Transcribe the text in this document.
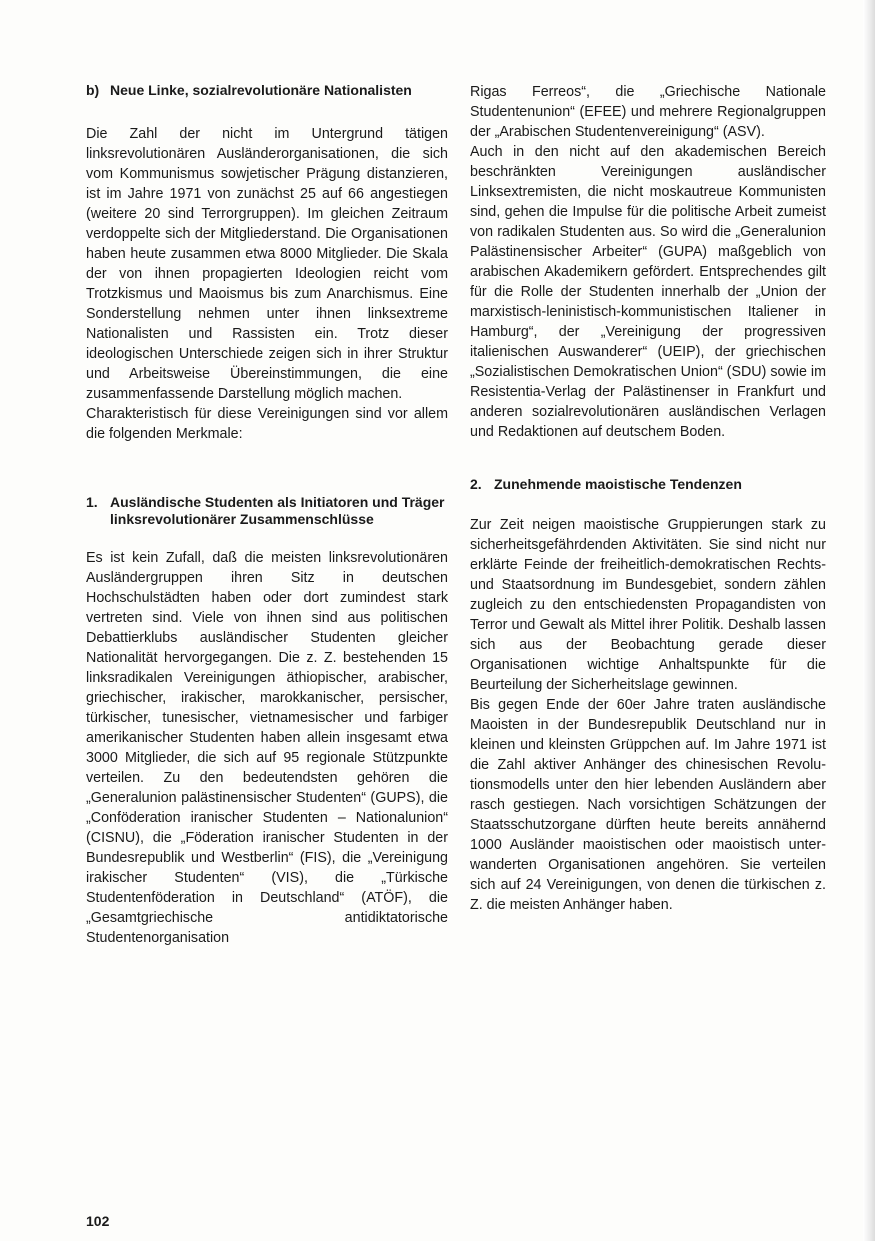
b) Neue Linke, sozialrevolutionäre Nationalisten

Die Zahl der nicht im Untergrund tätigen linksrevolutionären Ausländerorganisationen, die sich vom Kommunismus sowjetischer Prägung distanzieren, ist im Jahre 1971 von zunächst 25 auf 66 angestiegen (weitere 20 sind Terrorgruppen). Im gleichen Zeitraum verdoppelte sich der Mitgliederstand. Die Organisationen haben heute zusammen etwa 8000 Mitglieder. Die Skala der von ihnen propagierten Ideologien reicht vom Trotzkismus und Maoismus bis zum Anarchismus. Eine Sonderstellung nehmen unter ihnen linksextreme Nationalisten und Rassisten ein. Trotz dieser ideologischen Unterschiede zeigen sich in ihrer Struktur und Arbeitsweise Übereinstimmungen, die eine zusammenfassende Darstellung möglich machen.

Charakteristisch für diese Vereinigungen sind vor allem die folgenden Merkmale:

1. Ausländische Studenten als Initiatoren und Träger linksrevolutionärer Zusammenschlüsse

Es ist kein Zufall, daß die meisten linksrevolutionären Ausländergruppen ihren Sitz in deutschen Hochschulstädten haben oder dort zumindest stark vertreten sind. Viele von ihnen sind aus politischen Debattierklubs ausländischer Studenten gleicher Nationalität hervorgegangen. Die z. Z. bestehenden 15 linksradikalen Vereinigungen äthiopischer, arabischer, griechischer, irakischer, marokkanischer, persischer, türkischer, tunesischer, vietnamesischer und farbiger amerikanischer Studenten haben allein insgesamt etwa 3000 Mitglieder, die sich auf 95 regionale Stützpunkte verteilen. Zu den bedeutendsten gehören die „Generalunion palästinensischer Studenten“ (GUPS), die „Conföderation iranischer Studenten – Nationalunion“ (CISNU), die „Föderation iranischer Studenten in der Bundesrepublik und Westberlin“ (FIS), die „Vereinigung irakischer Studenten“ (VIS), die „Türkische Studentenföderation in Deutschland“ (ATÖF), die „Gesamtgriechische antidiktatorische Studentenorganisation

Rigas Ferreos“, die „Griechische Nationale Studentenunion“ (EFEE) und mehrere Regionalgruppen der „Arabischen Studentenvereinigung“ (ASV).

Auch in den nicht auf den akademischen Bereich beschränkten Vereinigungen ausländischer Linksextremisten, die nicht moskautreue Kommunisten sind, gehen die Impulse für die politische Arbeit zumeist von radikalen Studenten aus. So wird die „Generalunion Palästinensischer Arbeiter“ (GUPA) maßgeblich von arabischen Akademikern gefördert. Entsprechendes gilt für die Rolle der Studenten innerhalb der „Union der marxistisch-leninistisch-kommunistischen Italiener in Hamburg“, der „Vereinigung der progressiven italienischen Auswanderer“ (UEIP), der griechischen „Sozialistischen Demokratischen Union“ (SDU) sowie im Resistentia-Verlag der Palästinenser in Frankfurt und anderen sozialrevolutionären ausländischen Verlagen und Redaktionen auf deutschem Boden.

2. Zunehmende maoistische Tendenzen

Zur Zeit neigen maoistische Gruppierungen stark zu sicherheitsgefährdenden Aktivitäten. Sie sind nicht nur erklärte Feinde der freiheitlich-demokratischen Rechts- und Staatsordnung im Bundesgebiet, sondern zählen zugleich zu den entschiedensten Propagandisten von Terror und Gewalt als Mittel ihrer Politik. Deshalb lassen sich aus der Beobachtung gerade dieser Organisationen wichtige Anhaltspunkte für die Beurteilung der Sicherheitslage gewinnen.

Bis gegen Ende der 60er Jahre traten ausländische Maoisten in der Bundesrepublik Deutschland nur in kleinen und kleinsten Grüppchen auf. Im Jahre 1971 ist die Zahl aktiver Anhänger des chinesischen Revolutionsmodells unter den hier lebenden Ausländern aber rasch gestiegen. Nach vorsichtigen Schätzungen der Staatsschutzorgane dürften heute bereits annähernd 1000 Ausländer maoistischen oder maoistisch unterwanderten Organisationen angehören. Sie verteilen sich auf 24 Vereinigungen, von denen die türkischen z. Z. die meisten Anhänger haben.

102
